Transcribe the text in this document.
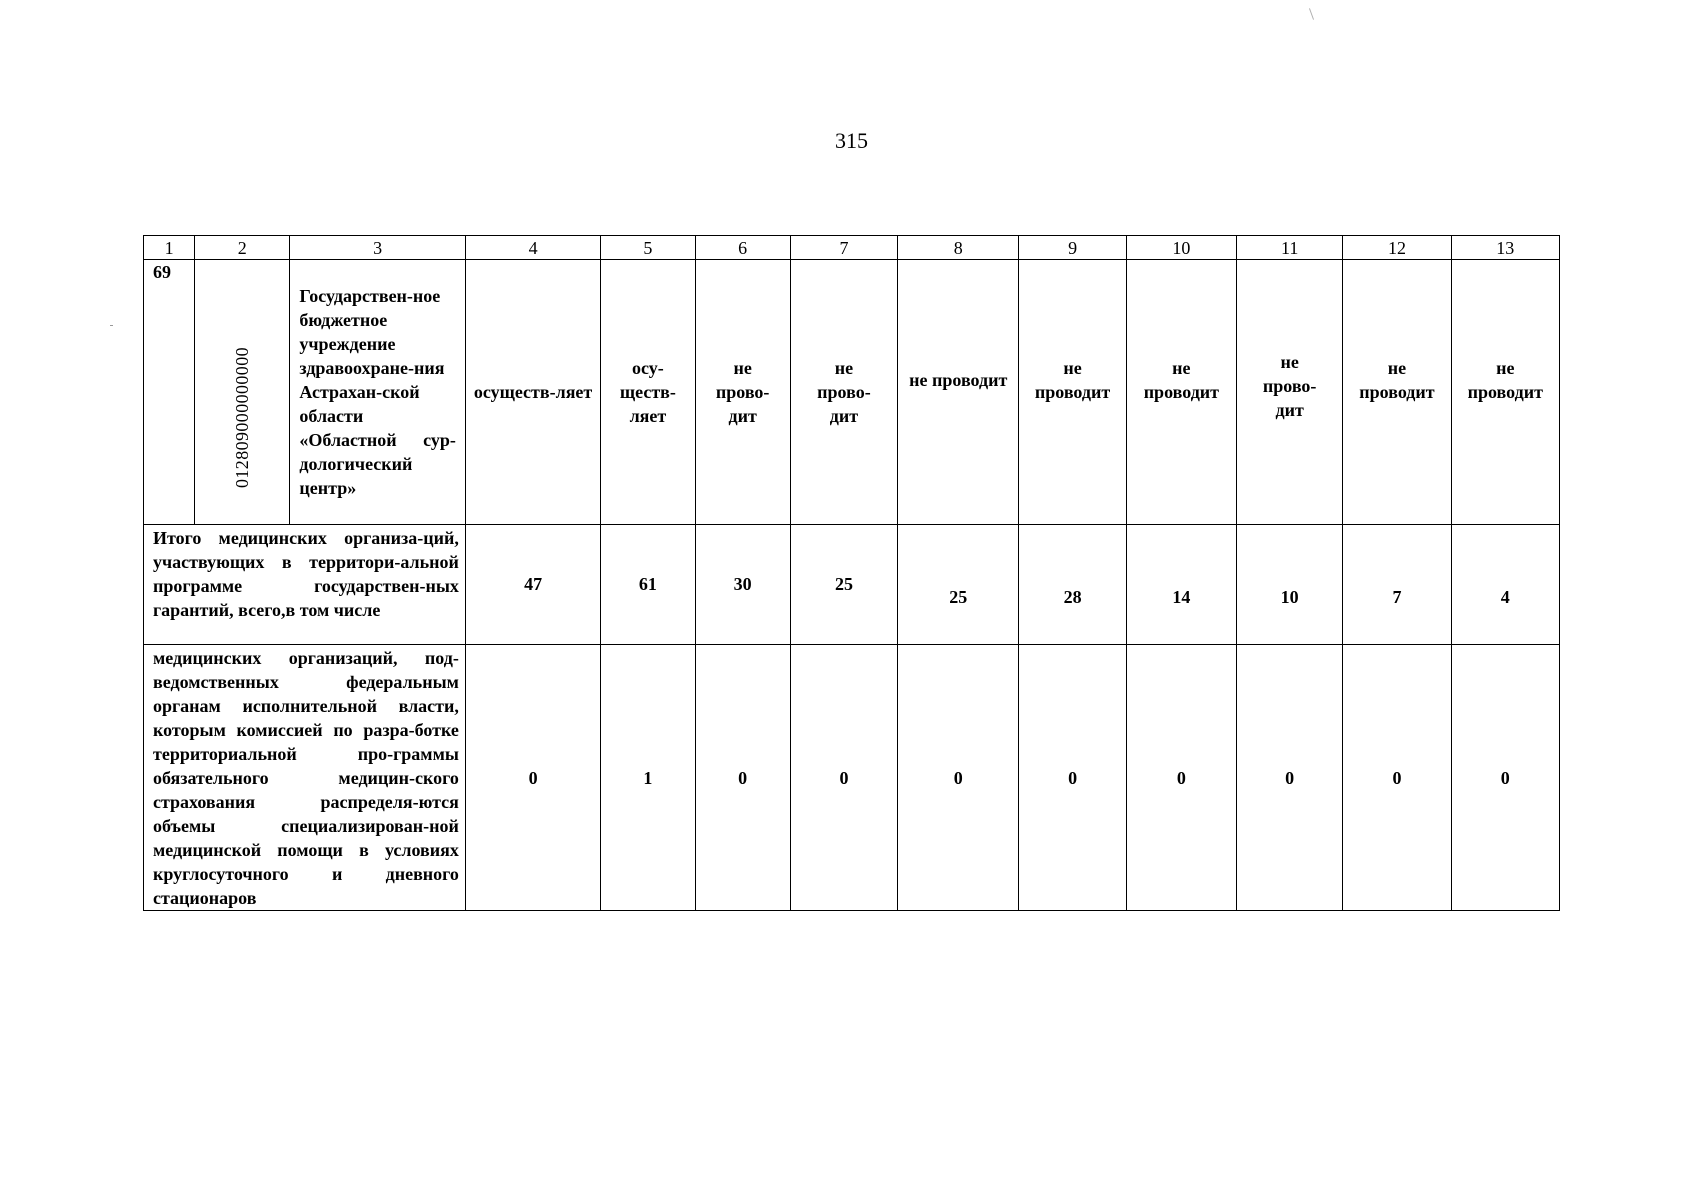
315
1	2	3	4	5	6	7	8	9	10	11	12	13
69	012809000000000	Государствен-ное бюджетное учреждение здравоохране-ния Астрахан-ской области «Областной сур-дологический центр»	осуществ-ляет	осу-ществ-ляет	не прово-дит	не прово-дит	не проводит	не проводит	не проводит	не прово-дит	не проводит	не проводит
Итого медицинских организа-ций, участвующих в территори-альной программе государствен-ных гарантий, всего,в том числе			47	61	30	25	25	28	14	10	7	4
медицинских организаций, под-ведомственных федеральным органам исполнительной власти, которым комиссией по разра-ботке территориальной про-граммы обязательного медицин-ского страхования распределя-ются объемы специализирован-ной медицинской помощи в условиях круглосуточного и дневного стационаров			0	1	0	0	0	0	0	0	0	0
